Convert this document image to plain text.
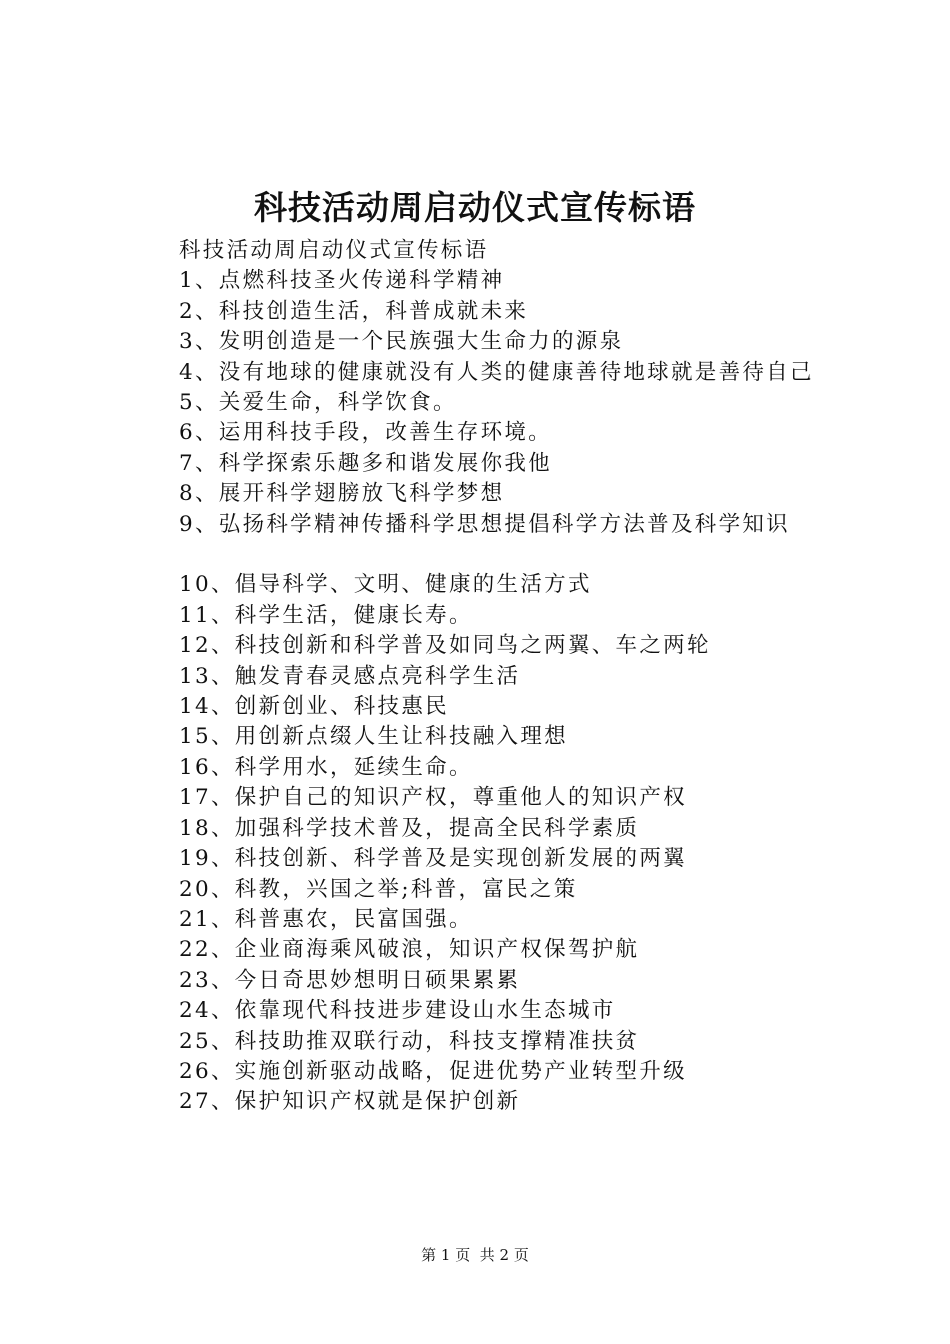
科技活动周启动仪式宣传标语

科技活动周启动仪式宣传标语

1、点燃科技圣火传递科学精神

2、科技创造生活，科普成就未来

3、发明创造是一个民族强大生命力的源泉

4、没有地球的健康就没有人类的健康善待地球就是善待自己

5、关爱生命，科学饮食。

6、运用科技手段，改善生存环境。

7、科学探索乐趣多和谐发展你我他

8、展开科学翅膀放飞科学梦想

9、弘扬科学精神传播科学思想提倡科学方法普及科学知识

10、倡导科学、文明、健康的生活方式

11、科学生活，健康长寿。

12、科技创新和科学普及如同鸟之两翼、车之两轮

13、触发青春灵感点亮科学生活

14、创新创业、科技惠民

15、用创新点缀人生让科技融入理想

16、科学用水，延续生命。

17、保护自己的知识产权，尊重他人的知识产权

18、加强科学技术普及，提高全民科学素质

19、科技创新、科学普及是实现创新发展的两翼

20、科教，兴国之举;科普，富民之策

21、科普惠农，民富国强。

22、企业商海乘风破浪，知识产权保驾护航

23、今日奇思妙想明日硕果累累

24、依靠现代科技进步建设山水生态城市

25、科技助推双联行动，科技支撑精准扶贫

26、实施创新驱动战略，促进优势产业转型升级

27、保护知识产权就是保护创新

第 1 页 共 2 页
